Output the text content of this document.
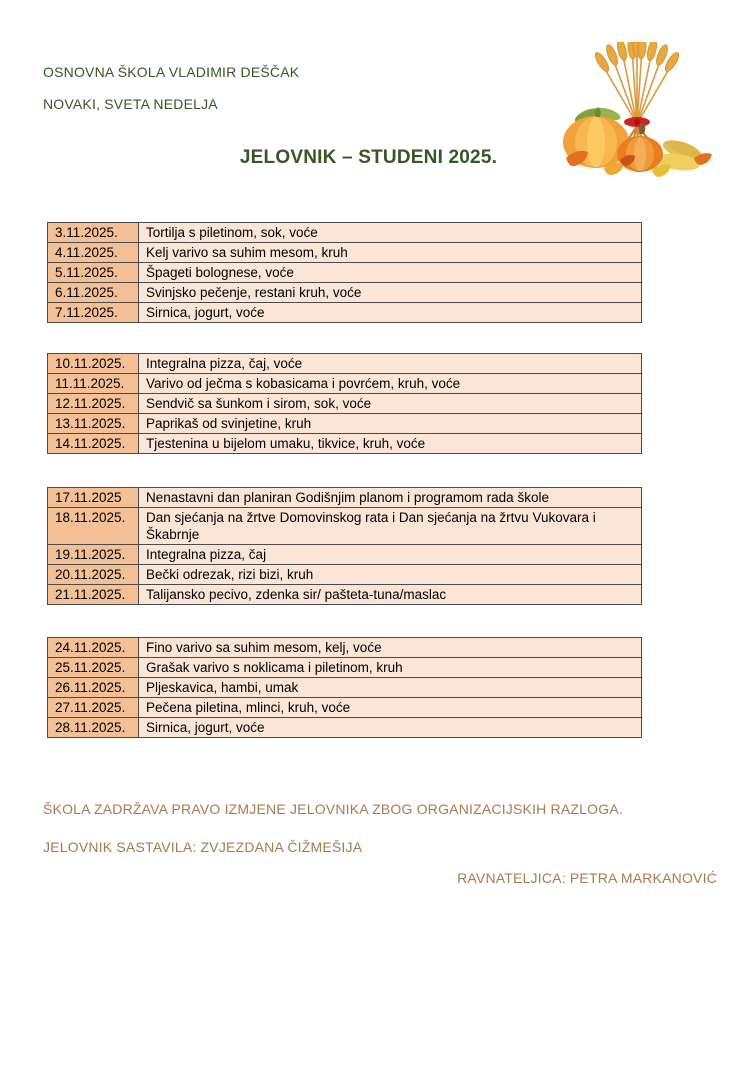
OSNOVNA ŠKOLA VLADIMIR DEŠČAK
NOVAKI, SVETA NEDELJA
JELOVNIK – STUDENI 2025.
3.11.2025.	Tortilja s piletinom, sok, voće
4.11.2025.	Kelj varivo sa suhim mesom, kruh
5.11.2025.	Špageti bolognese, voće
6.11.2025.	Svinjsko pečenje, restani kruh, voće
7.11.2025.	Sirnica, jogurt, voće
10.11.2025.	Integralna pizza, čaj, voće
11.11.2025.	Varivo od ječma s kobasicama i povrćem, kruh, voće
12.11.2025.	Sendvič sa šunkom i sirom, sok, voće
13.11.2025.	Paprikaš od svinjetine, kruh
14.11.2025.	Tjestenina u bijelom umaku, tikvice, kruh, voće
17.11.2025	Nenastavni dan planiran Godišnjim planom i programom rada škole
18.11.2025.	Dan sjećanja na žrtve Domovinskog rata i Dan sjećanja na žrtvu Vukovara i Škabrnje
19.11.2025.	Integralna pizza, čaj
20.11.2025.	Bečki odrezak, rizi bizi, kruh
21.11.2025.	Talijansko pecivo, zdenka sir/ pašteta-tuna/maslac
24.11.2025.	Fino varivo sa suhim mesom, kelj, voće
25.11.2025.	Grašak varivo s noklicama i piletinom, kruh
26.11.2025.	Pljeskavica, hambi, umak
27.11.2025.	Pečena piletina, mlinci, kruh, voće
28.11.2025.	Sirnica, jogurt, voće
ŠKOLA ZADRŽAVA PRAVO IZMJENE JELOVNIKA ZBOG ORGANIZACIJSKIH RAZLOGA.
JELOVNIK SASTAVILA: ZVJEZDANA ČIŽMEŠIJA
RAVNATELJICA: PETRA MARKANOVIĆ
